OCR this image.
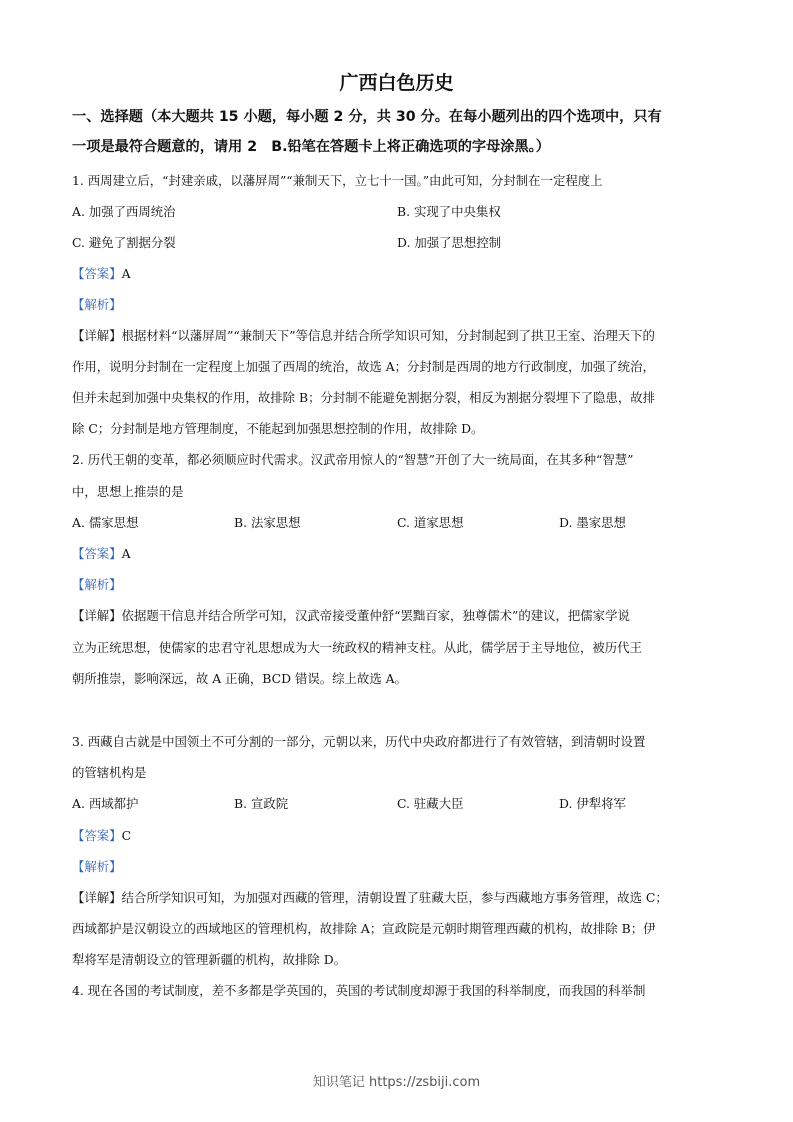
广西白色历史
一、选择题（本大题共 15 小题，每小题 2 分，共 30 分。在每小题列出的四个选项中，只有
一项是最符合题意的，请用 2　B.铅笔在答题卡上将正确选项的字母涂黑。）
1. 西周建立后，“封建亲戚，以藩屏周”“兼制天下，立七十一国。”由此可知，分封制在一定程度上
A. 加强了西周统治	B. 实现了中央集权
C. 避免了割据分裂	D. 加强了思想控制
【答案】A
【解析】
【详解】根据材料“以藩屏周”“兼制天下”等信息并结合所学知识可知，分封制起到了拱卫王室、治理天下的
作用，说明分封制在一定程度上加强了西周的统治，故选 A；分封制是西周的地方行政制度，加强了统治，
但并未起到加强中央集权的作用，故排除 B；分封制不能避免割据分裂，相反为割据分裂埋下了隐患，故排
除 C；分封制是地方管理制度，不能起到加强思想控制的作用，故排除 D。
2. 历代王朝的变革，都必须顺应时代需求。汉武帝用惊人的“智慧”开创了大一统局面，在其多种“智慧”
中，思想上推崇的是
A. 儒家思想	B. 法家思想	C. 道家思想	D. 墨家思想
【答案】A
【解析】
【详解】依据题干信息并结合所学可知，汉武帝接受董仲舒“罢黜百家，独尊儒术”的建议，把儒家学说
立为正统思想，使儒家的忠君守礼思想成为大一统政权的精神支柱。从此，儒学居于主导地位，被历代王
朝所推崇，影响深远，故 A 正确，BCD 错误。综上故选 A。
3. 西藏自古就是中国领土不可分割的一部分，元朝以来，历代中央政府都进行了有效管辖，到清朝时设置
的管辖机构是
A. 西域都护	B. 宣政院	C. 驻藏大臣	D. 伊犁将军
【答案】C
【解析】
【详解】结合所学知识可知，为加强对西藏的管理，清朝设置了驻藏大臣，参与西藏地方事务管理，故选 C；
西域都护是汉朝设立的西域地区的管理机构，故排除 A；宣政院是元朝时期管理西藏的机构，故排除 B；伊
犁将军是清朝设立的管理新疆的机构，故排除 D。
4. 现在各国的考试制度，差不多都是学英国的，英国的考试制度却源于我国的科举制度，而我国的科举制
知识笔记 https://zsbiji.com
